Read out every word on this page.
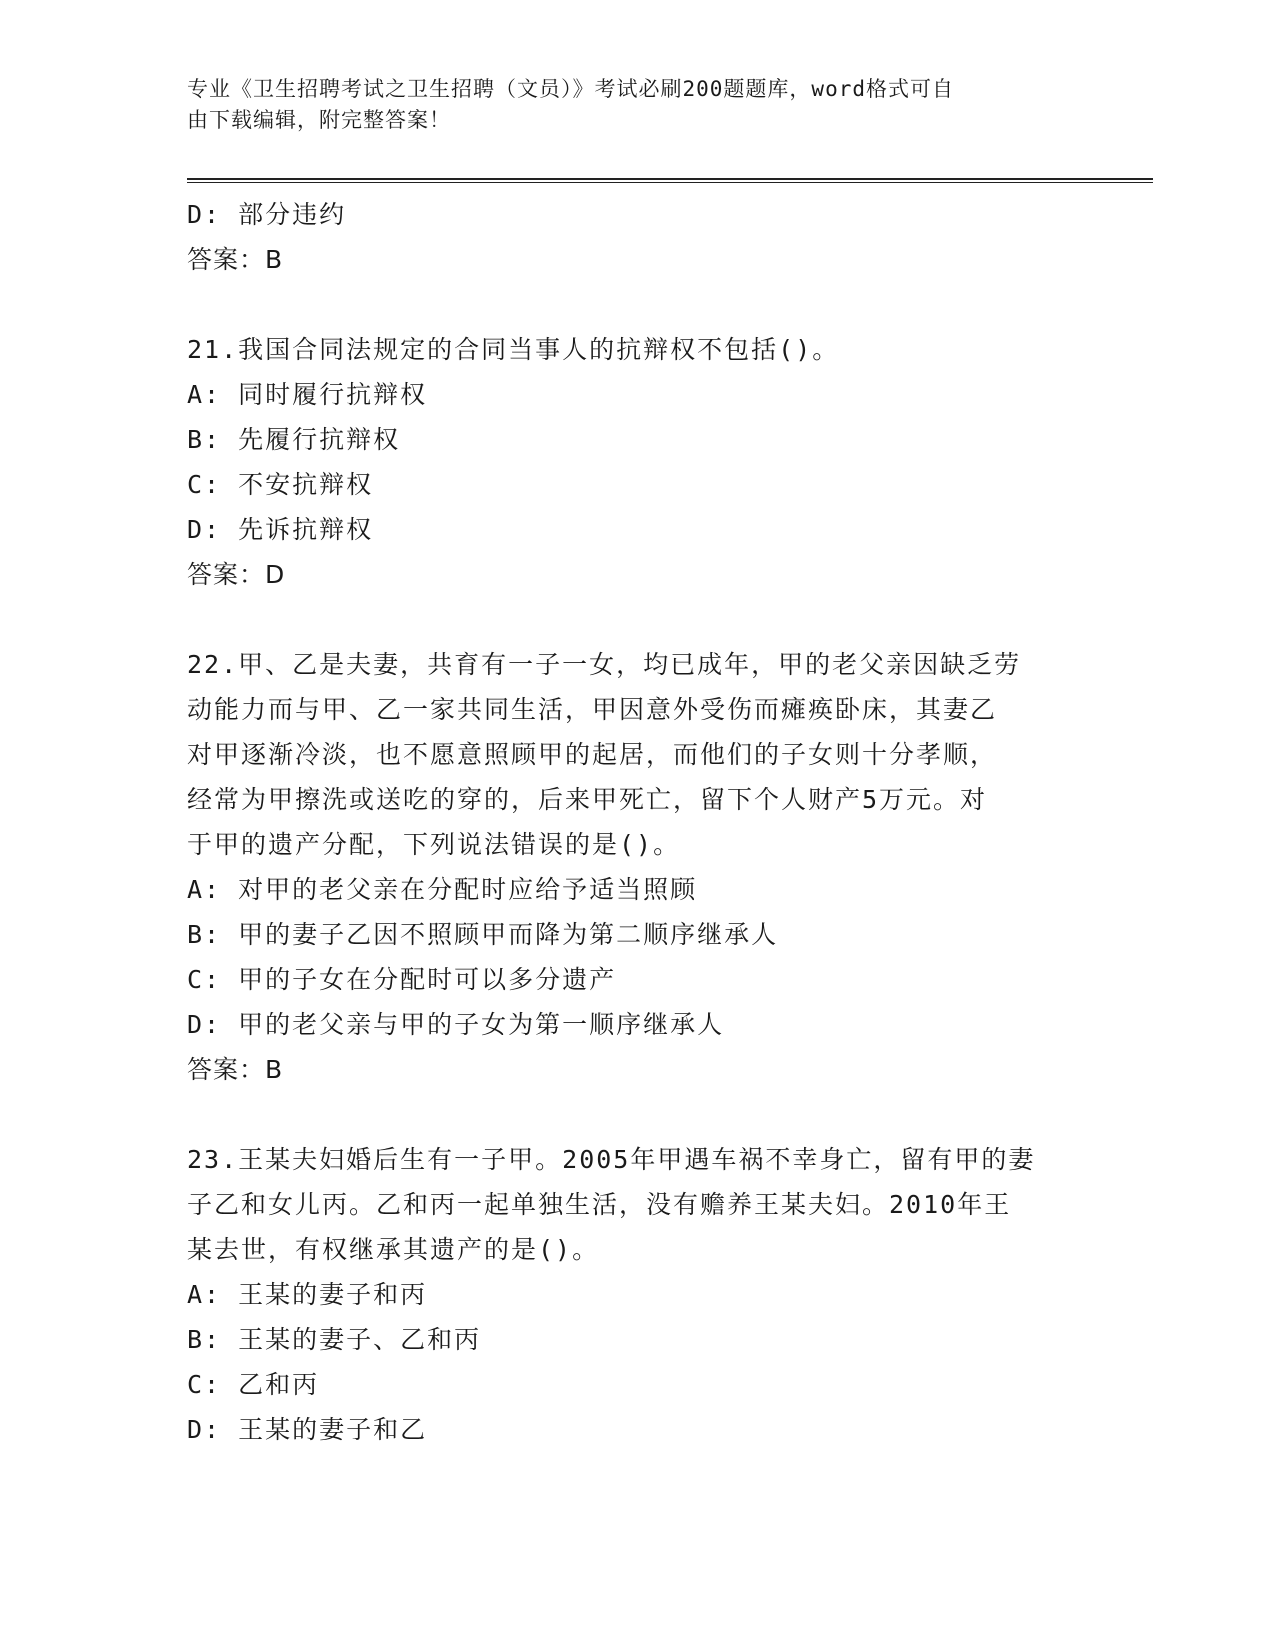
专业《卫生招聘考试之卫生招聘（文员）》考试必刷200题题库，word格式可自
由下载编辑，附完整答案！
D: 部分违约
答案：B
21.我国合同法规定的合同当事人的抗辩权不包括()。
A: 同时履行抗辩权
B: 先履行抗辩权
C: 不安抗辩权
D: 先诉抗辩权
答案：D
22.甲、乙是夫妻，共育有一子一女，均已成年，甲的老父亲因缺乏劳
动能力而与甲、乙一家共同生活，甲因意外受伤而瘫痪卧床，其妻乙
对甲逐渐冷淡，也不愿意照顾甲的起居，而他们的子女则十分孝顺，
经常为甲擦洗或送吃的穿的，后来甲死亡，留下个人财产5万元。对
于甲的遗产分配，下列说法错误的是()。
A: 对甲的老父亲在分配时应给予适当照顾
B: 甲的妻子乙因不照顾甲而降为第二顺序继承人
C: 甲的子女在分配时可以多分遗产
D: 甲的老父亲与甲的子女为第一顺序继承人
答案：B
23.王某夫妇婚后生有一子甲。2005年甲遇车祸不幸身亡，留有甲的妻
子乙和女儿丙。乙和丙一起单独生活，没有赡养王某夫妇。2010年王
某去世，有权继承其遗产的是()。
A: 王某的妻子和丙
B: 王某的妻子、乙和丙
C: 乙和丙
D: 王某的妻子和乙
